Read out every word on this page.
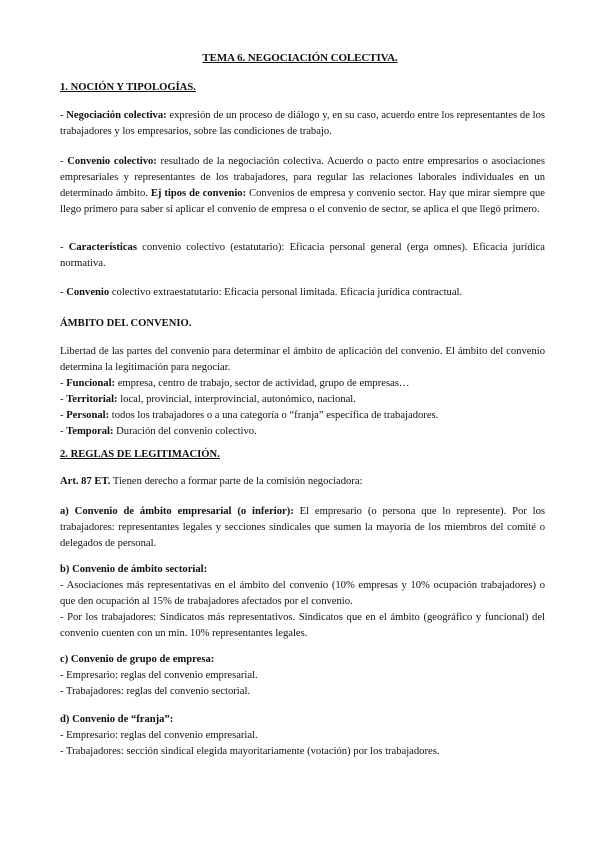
TEMA 6. NEGOCIACIÓN COLECTIVA.
1. NOCIÓN Y TIPOLOGÍAS.

- Negociación colectiva: expresión de un proceso de diálogo y, en su caso, acuerdo entre los representantes de los trabajadores y los empresarios, sobre las condiciones de trabajo.

- Convenio colectivo: resultado de la negociación colectiva. Acuerdo o pacto entre empresarios o asociaciones empresariales y representantes de los trabajadores, para regular las relaciones laborales individuales en un determinado ámbito. Ej tipos de convenio: Convenios de empresa y convenio sector. Hay que mirar siempre que llego primero para saber si aplicar el convenio de empresa o el convenio de sector, se aplica el que llegó primero.

- Características convenio colectivo (estatutario): Eficacia personal general (erga omnes). Eficacia jurídica normativa.

- Convenio colectivo extraestatutario: Eficacia personal limitada. Eficacia jurídica contractual.

ÁMBITO DEL CONVENIO.

Libertad de las partes del convenio para determinar el ámbito de aplicación del convenio. El ámbito del convenio determina la legitimación para negociar.

- Funcional: empresa, centro de trabajo, sector de actividad, grupo de empresas…
- Territorial: local, provincial, interprovincial, autonómico, nacional.
- Personal: todos los trabajadores o a una categoría o “franja” específica de trabajadores.
- Temporal: Duración del convenio colectivo.
2. REGLAS DE LEGITIMACIÓN.

Art. 87 ET. Tienen derecho a formar parte de la comisión negociadora:

a) Convenio de ámbito empresarial (o inferior): El empresario (o persona que lo represente). Por los trabajadores: representantes legales y secciones sindicales que sumen la mayoría de los miembros del comité o delegados de personal.

b) Convenio de ámbito sectorial:

- Asociaciones más representativas en el ámbito del convenio (10% empresas y 10% ocupación trabajadores) o que den ocupación al 15% de trabajadores afectados por el convenio.

- Por los trabajadores: Sindicatos más representativos. Sindicatos que en el ámbito (geográfico y funcional) del convenio cuenten con un min. 10% representantes legales.

c) Convenio de grupo de empresa:
- Empresario: reglas del convenio empresarial.
- Trabajadores: reglas del convenio sectorial.
d) Convenio de “franja”:
- Empresario: reglas del convenio empresarial.
- Trabajadores: sección sindical elegida mayoritariamente (votación) por los trabajadores.
